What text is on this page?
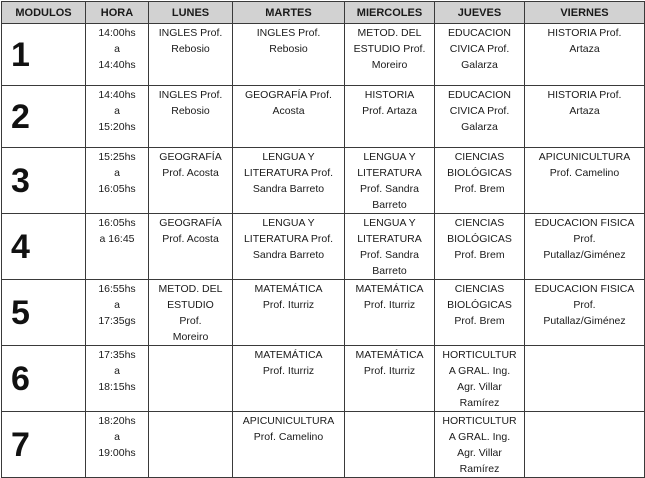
MODULOS	HORA	LUNES	MARTES	MIERCOLES	JUEVES	VIERNES
1	14:00hs
a
14:40hs	INGLES Prof.
Rebosio	INGLES Prof.
Rebosio	METOD. DEL
ESTUDIO Prof.
Moreiro	EDUCACION
CIVICA Prof.
Galarza	HISTORIA Prof.
Artaza

2	14:40hs
a
15:20hs	INGLES Prof.
Rebosio	GEOGRAFÍA Prof.
Acosta	HISTORIA
Prof. Artaza	EDUCACION
CIVICA Prof.
Galarza	HISTORIA Prof.
Artaza

3	15:25hs
a
16:05hs	GEOGRAFÍA
Prof. Acosta	LENGUA Y
LITERATURA Prof.
Sandra Barreto	LENGUA Y
LITERATURA
Prof. Sandra
Barreto	CIENCIAS
BIOLÓGICAS
Prof. Brem	APICUNICULTURA
Prof. Camelino

4	16:05hs
a 16:45	GEOGRAFÍA
Prof. Acosta	LENGUA Y
LITERATURA Prof.
Sandra Barreto	LENGUA Y
LITERATURA
Prof. Sandra
Barreto	CIENCIAS
BIOLÓGICAS
Prof. Brem	EDUCACION FISICA
Prof.
Putallaz/Giménez

5	16:55hs
a
17:35gs	METOD. DEL
ESTUDIO
Prof.
Moreiro	MATEMÁTICA
Prof. Iturriz	MATEMÁTICA
Prof. Iturriz	CIENCIAS
BIOLÓGICAS
Prof. Brem	EDUCACION FISICA
Prof.
Putallaz/Giménez

6	17:35hs
a
18:15hs		MATEMÁTICA
Prof. Iturriz	MATEMÁTICA
Prof. Iturriz	HORTICULTUR
A GRAL. Ing.
Agr. Villar
Ramírez	

7	18:20hs
a
19:00hs		APICUNICULTURA
Prof. Camelino		HORTICULTUR
A GRAL. Ing.
Agr. Villar
Ramírez	
